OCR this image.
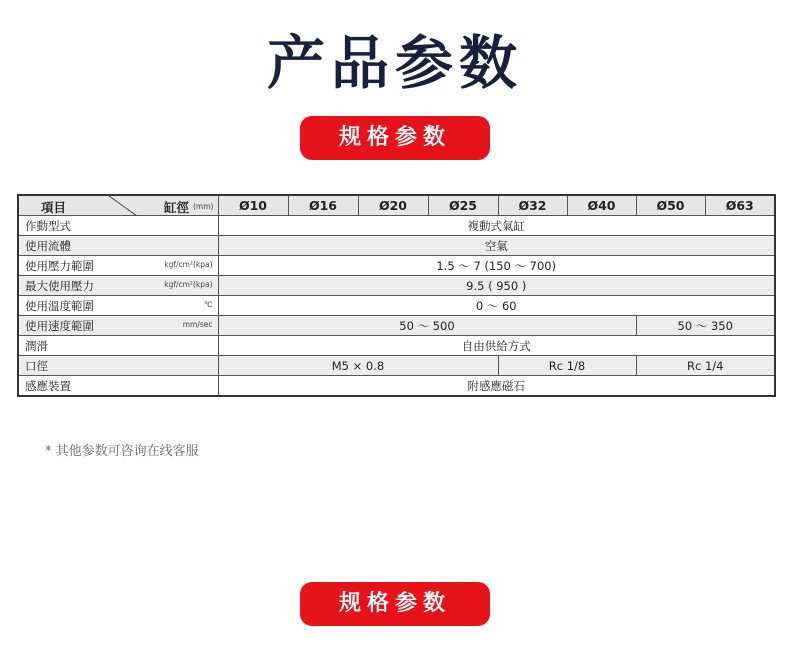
产品参数
规格参数
項目 缸徑 (mm)	Ø10	Ø16	Ø20	Ø25	Ø32	Ø40	Ø50	Ø63
作動型式	複動式氣缸							
使用流體	空氣							
使用壓力範圍 kgf/cm²(kpa)	1.5 ～ 7 (150 ～ 700)							
最大使用壓力 kgf/cm²(kpa)	9.5 ( 950 )							
使用溫度範圍 ℃	0 ～ 60							
使用速度範圍 mm/sec	50 ～ 500						50 ～ 350	
潤滑	自由供給方式							
口徑	M5 × 0.8				Rc 1/8		Rc 1/4	
感應裝置	附感應磁石							
* 其他参数可咨询在线客服
规格参数
